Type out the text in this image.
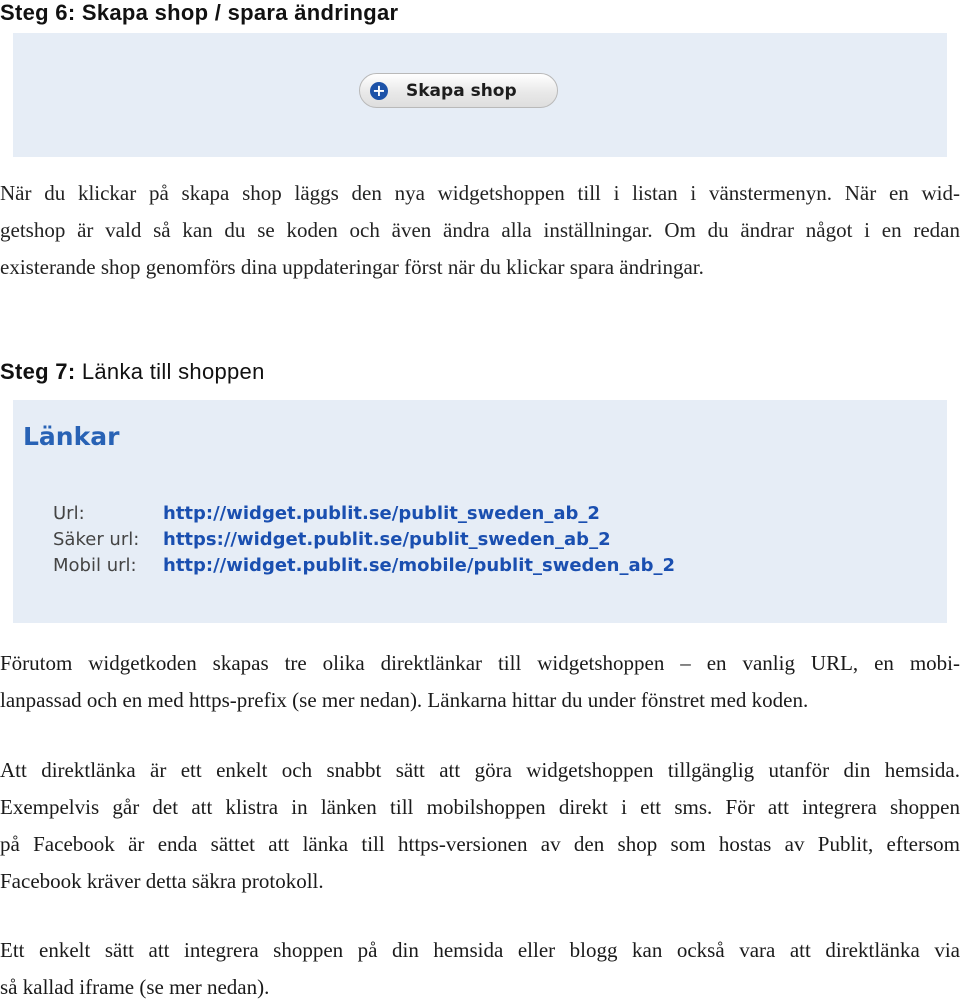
Steg 6: Skapa shop / spara ändringar
+ Skapa shop
När du klickar på skapa shop läggs den nya widgetshoppen till i listan i vänstermenyn. När en wid-
getshop är vald så kan du se koden och även ändra alla inställningar. Om du ändrar något i en redan
existerande shop genomförs dina uppdateringar först när du klickar spara ändringar.
Steg 7: Länka till shoppen
Länkar
Url:	http://widget.publit.se/publit_sweden_ab_2
Säker url: https://widget.publit.se/publit_sweden_ab_2
Mobil url: http://widget.publit.se/mobile/publit_sweden_ab_2
Förutom widgetkoden skapas tre olika direktlänkar till widgetshoppen – en vanlig URL, en mobi-
lanpassad och en med https-prefix (se mer nedan). Länkarna hittar du under fönstret med koden.
Att direktlänka är ett enkelt och snabbt sätt att göra widgetshoppen tillgänglig utanför din hemsida.
Exempelvis går det att klistra in länken till mobilshoppen direkt i ett sms. För att integrera shoppen
på Facebook är enda sättet att länka till https-versionen av den shop som hostas av Publit, eftersom
Facebook kräver detta säkra protokoll.
Ett enkelt sätt att integrera shoppen på din hemsida eller blogg kan också vara att direktlänka via
så kallad iframe (se mer nedan).
